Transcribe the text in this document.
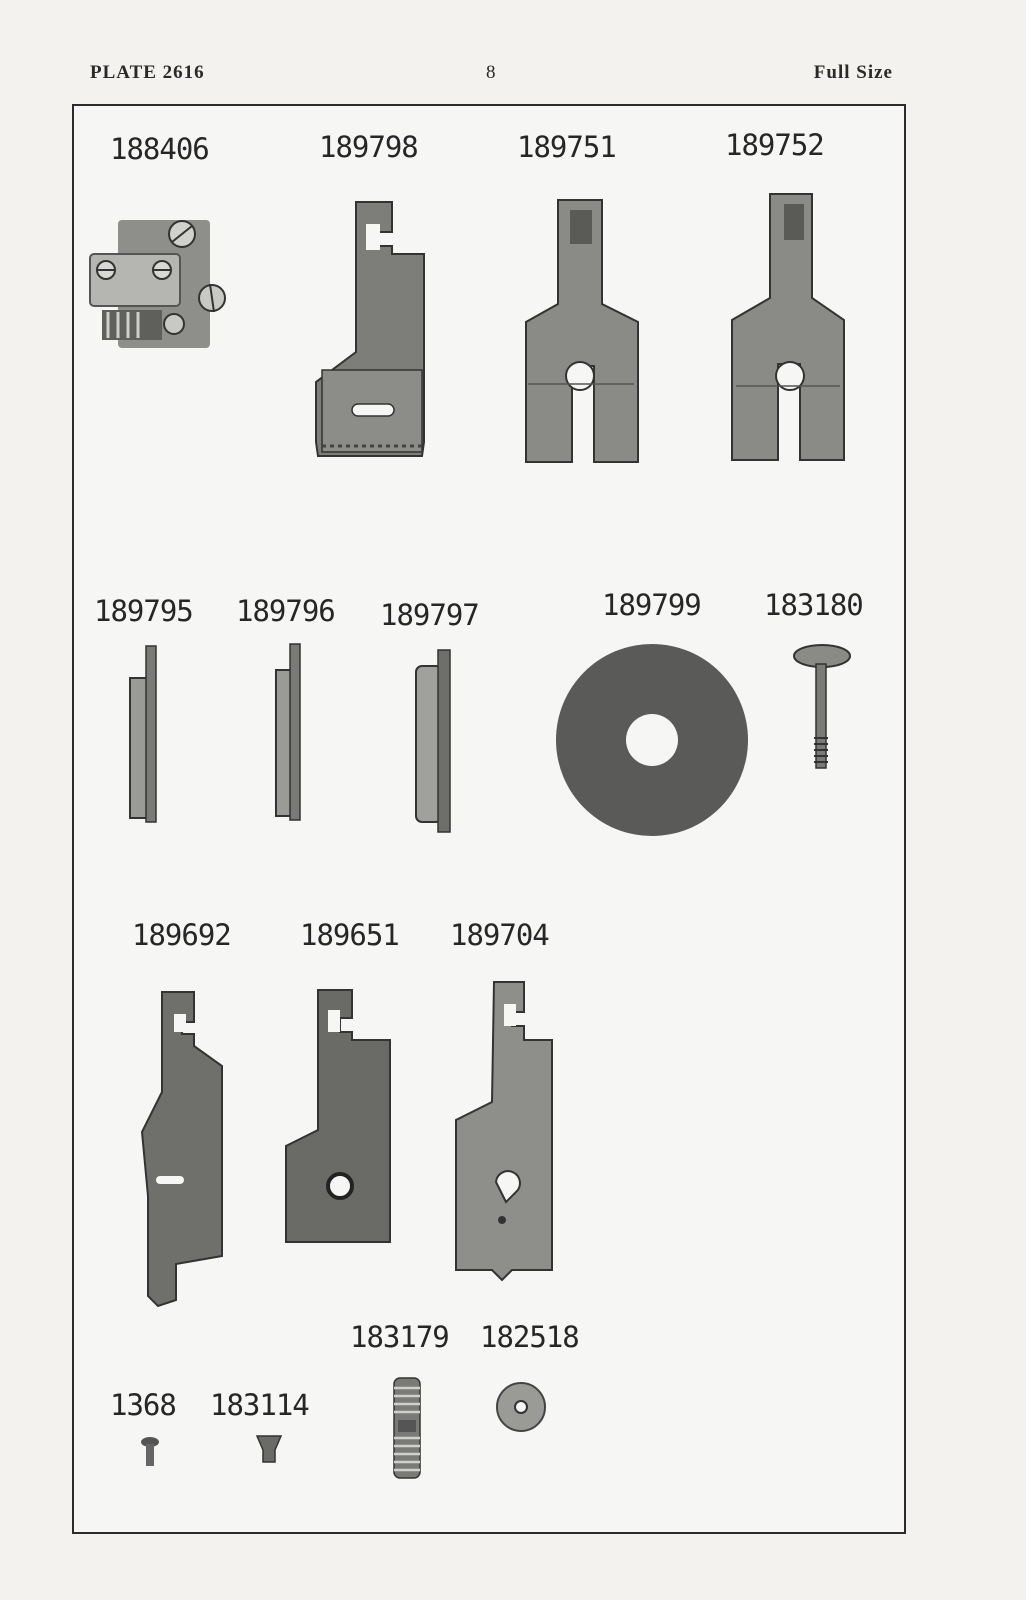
PLATE 2616	8	Full Size
188406	189798	189751	189752
189795 189796 189797	189799 183180
189692 189651 189704
183179 182518
1368 183114
